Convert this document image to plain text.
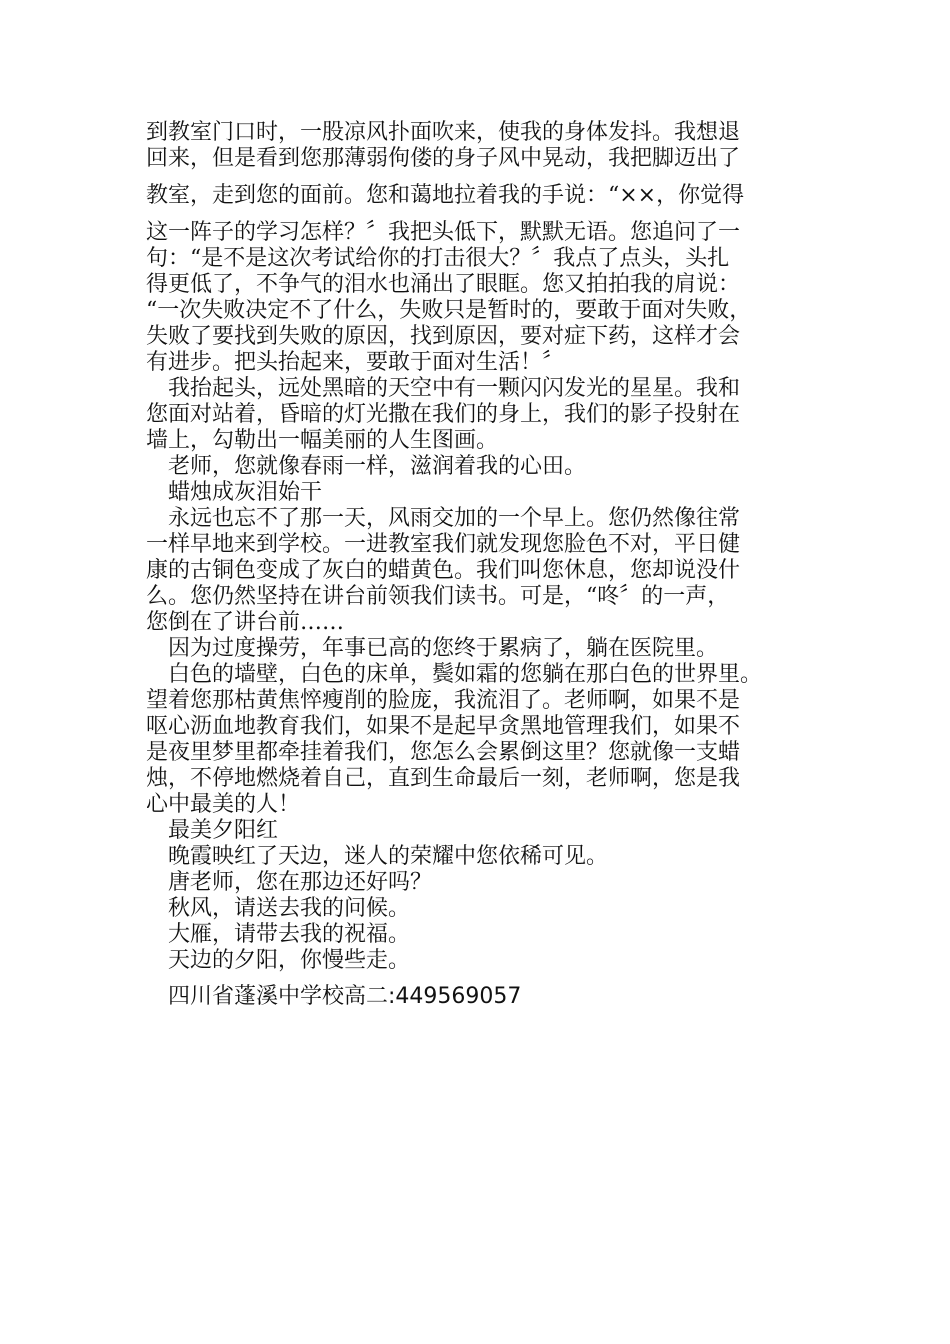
到教室门口时，一股凉风扑面吹来，使我的身体发抖。我想退
回来，但是看到您那薄弱佝偻的身子风中晃动，我把脚迈出了
教室，走到您的面前。您和蔼地拉着我的手说：“××，你觉得
这一阵子的学习怎样？〞我把头低下，默默无语。您追问了一
句：“是不是这次考试给你的打击很大？〞我点了点头，头扎
得更低了，不争气的泪水也涌出了眼眶。您又拍拍我的肩说：
“一次失败决定不了什么，失败只是暂时的，要敢于面对失败，
失败了要找到失败的原因，找到原因，要对症下药，这样才会
有进步。把头抬起来，要敢于面对生活！〞
我抬起头，远处黑暗的天空中有一颗闪闪发光的星星。我和
您面对站着，昏暗的灯光撒在我们的身上，我们的影子投射在
墙上，勾勒出一幅美丽的人生图画。
老师，您就像春雨一样，滋润着我的心田。
蜡烛成灰泪始干
永远也忘不了那一天，风雨交加的一个早上。您仍然像往常
一样早地来到学校。一进教室我们就发现您脸色不对，平日健
康的古铜色变成了灰白的蜡黄色。我们叫您休息，您却说没什
么。您仍然坚持在讲台前领我们读书。可是，“咚〞的一声，
您倒在了讲台前……
因为过度操劳，年事已高的您终于累病了，躺在医院里。
白色的墙壁，白色的床单，鬓如霜的您躺在那白色的世界里。
望着您那枯黄焦悴瘦削的脸庞，我流泪了。老师啊，如果不是
呕心沥血地教育我们，如果不是起早贪黑地管理我们，如果不
是夜里梦里都牵挂着我们，您怎么会累倒这里？您就像一支蜡
烛，不停地燃烧着自己，直到生命最后一刻，老师啊，您是我
心中最美的人！
最美夕阳红
晚霞映红了天边，迷人的荣耀中您依稀可见。
唐老师，您在那边还好吗？
秋风，请送去我的问候。
大雁，请带去我的祝福。
天边的夕阳，你慢些走。
四川省蓬溪中学校高二:449569057
